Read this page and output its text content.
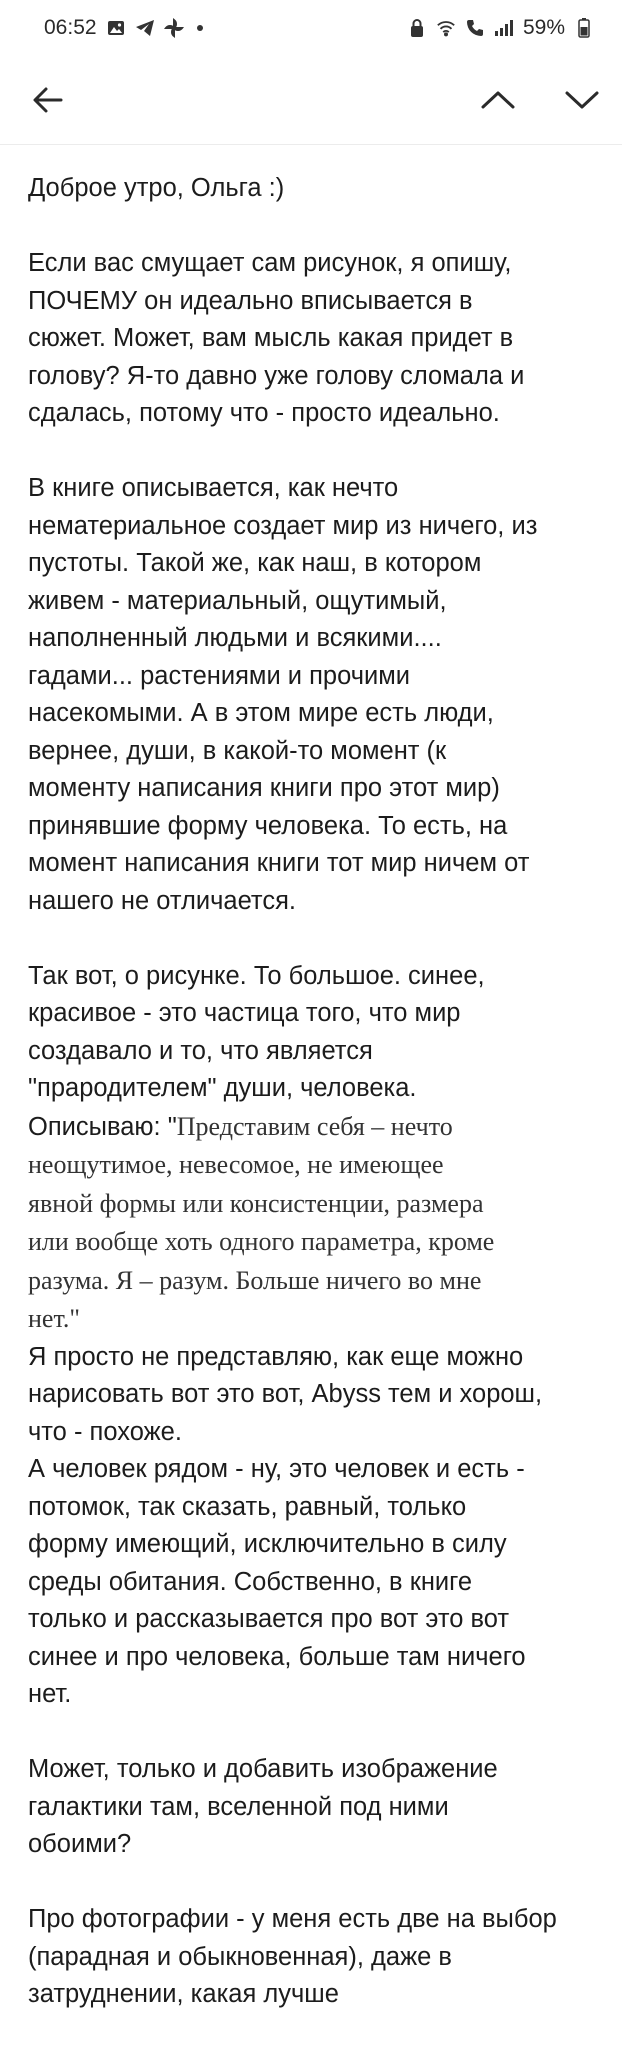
06:52	59%

Доброе утро, Ольга :)

Если вас смущает сам рисунок, я опишу,
ПОЧЕМУ он идеально вписывается в
сюжет. Может, вам мысль какая придет в
голову? Я-то давно уже голову сломала и
сдалась, потому что - просто идеально.

В книге описывается, как нечто
нематериальное создает мир из ничего, из
пустоты. Такой же, как наш, в котором
живем - материальный, ощутимый,
наполненный людьми и всякими....
гадами... растениями и прочими
насекомыми. А в этом мире есть люди,
вернее, души, в какой-то момент (к
моменту написания книги про этот мир)
принявшие форму человека. То есть, на
момент написания книги тот мир ничем от
нашего не отличается.

Так вот, о рисунке. То большое. синее,
красивое - это частица того, что мир
создавало и то, что является
"прародителем" души, человека.
Описываю: "Представим себя – нечто
неощутимое, невесомое, не имеющее
явной формы или консистенции, размера
или вообще хоть одного параметра, кроме
разума. Я – разум. Больше ничего во мне
нет."

Я просто не представляю, как еще можно
нарисовать вот это вот, Abyss тем и хорош,
что - похоже.
А человек рядом - ну, это человек и есть -
потомок, так сказать, равный, только
форму имеющий, исключительно в силу
среды обитания. Собственно, в книге
только и рассказывается про вот это вот
синее и про человека, больше там ничего
нет.

Может, только и добавить изображение
галактики там, вселенной под ними
обоими?

Про фотографии - у меня есть две на выбор
(парадная и обыкновенная), даже в
затруднении, какая лучше
